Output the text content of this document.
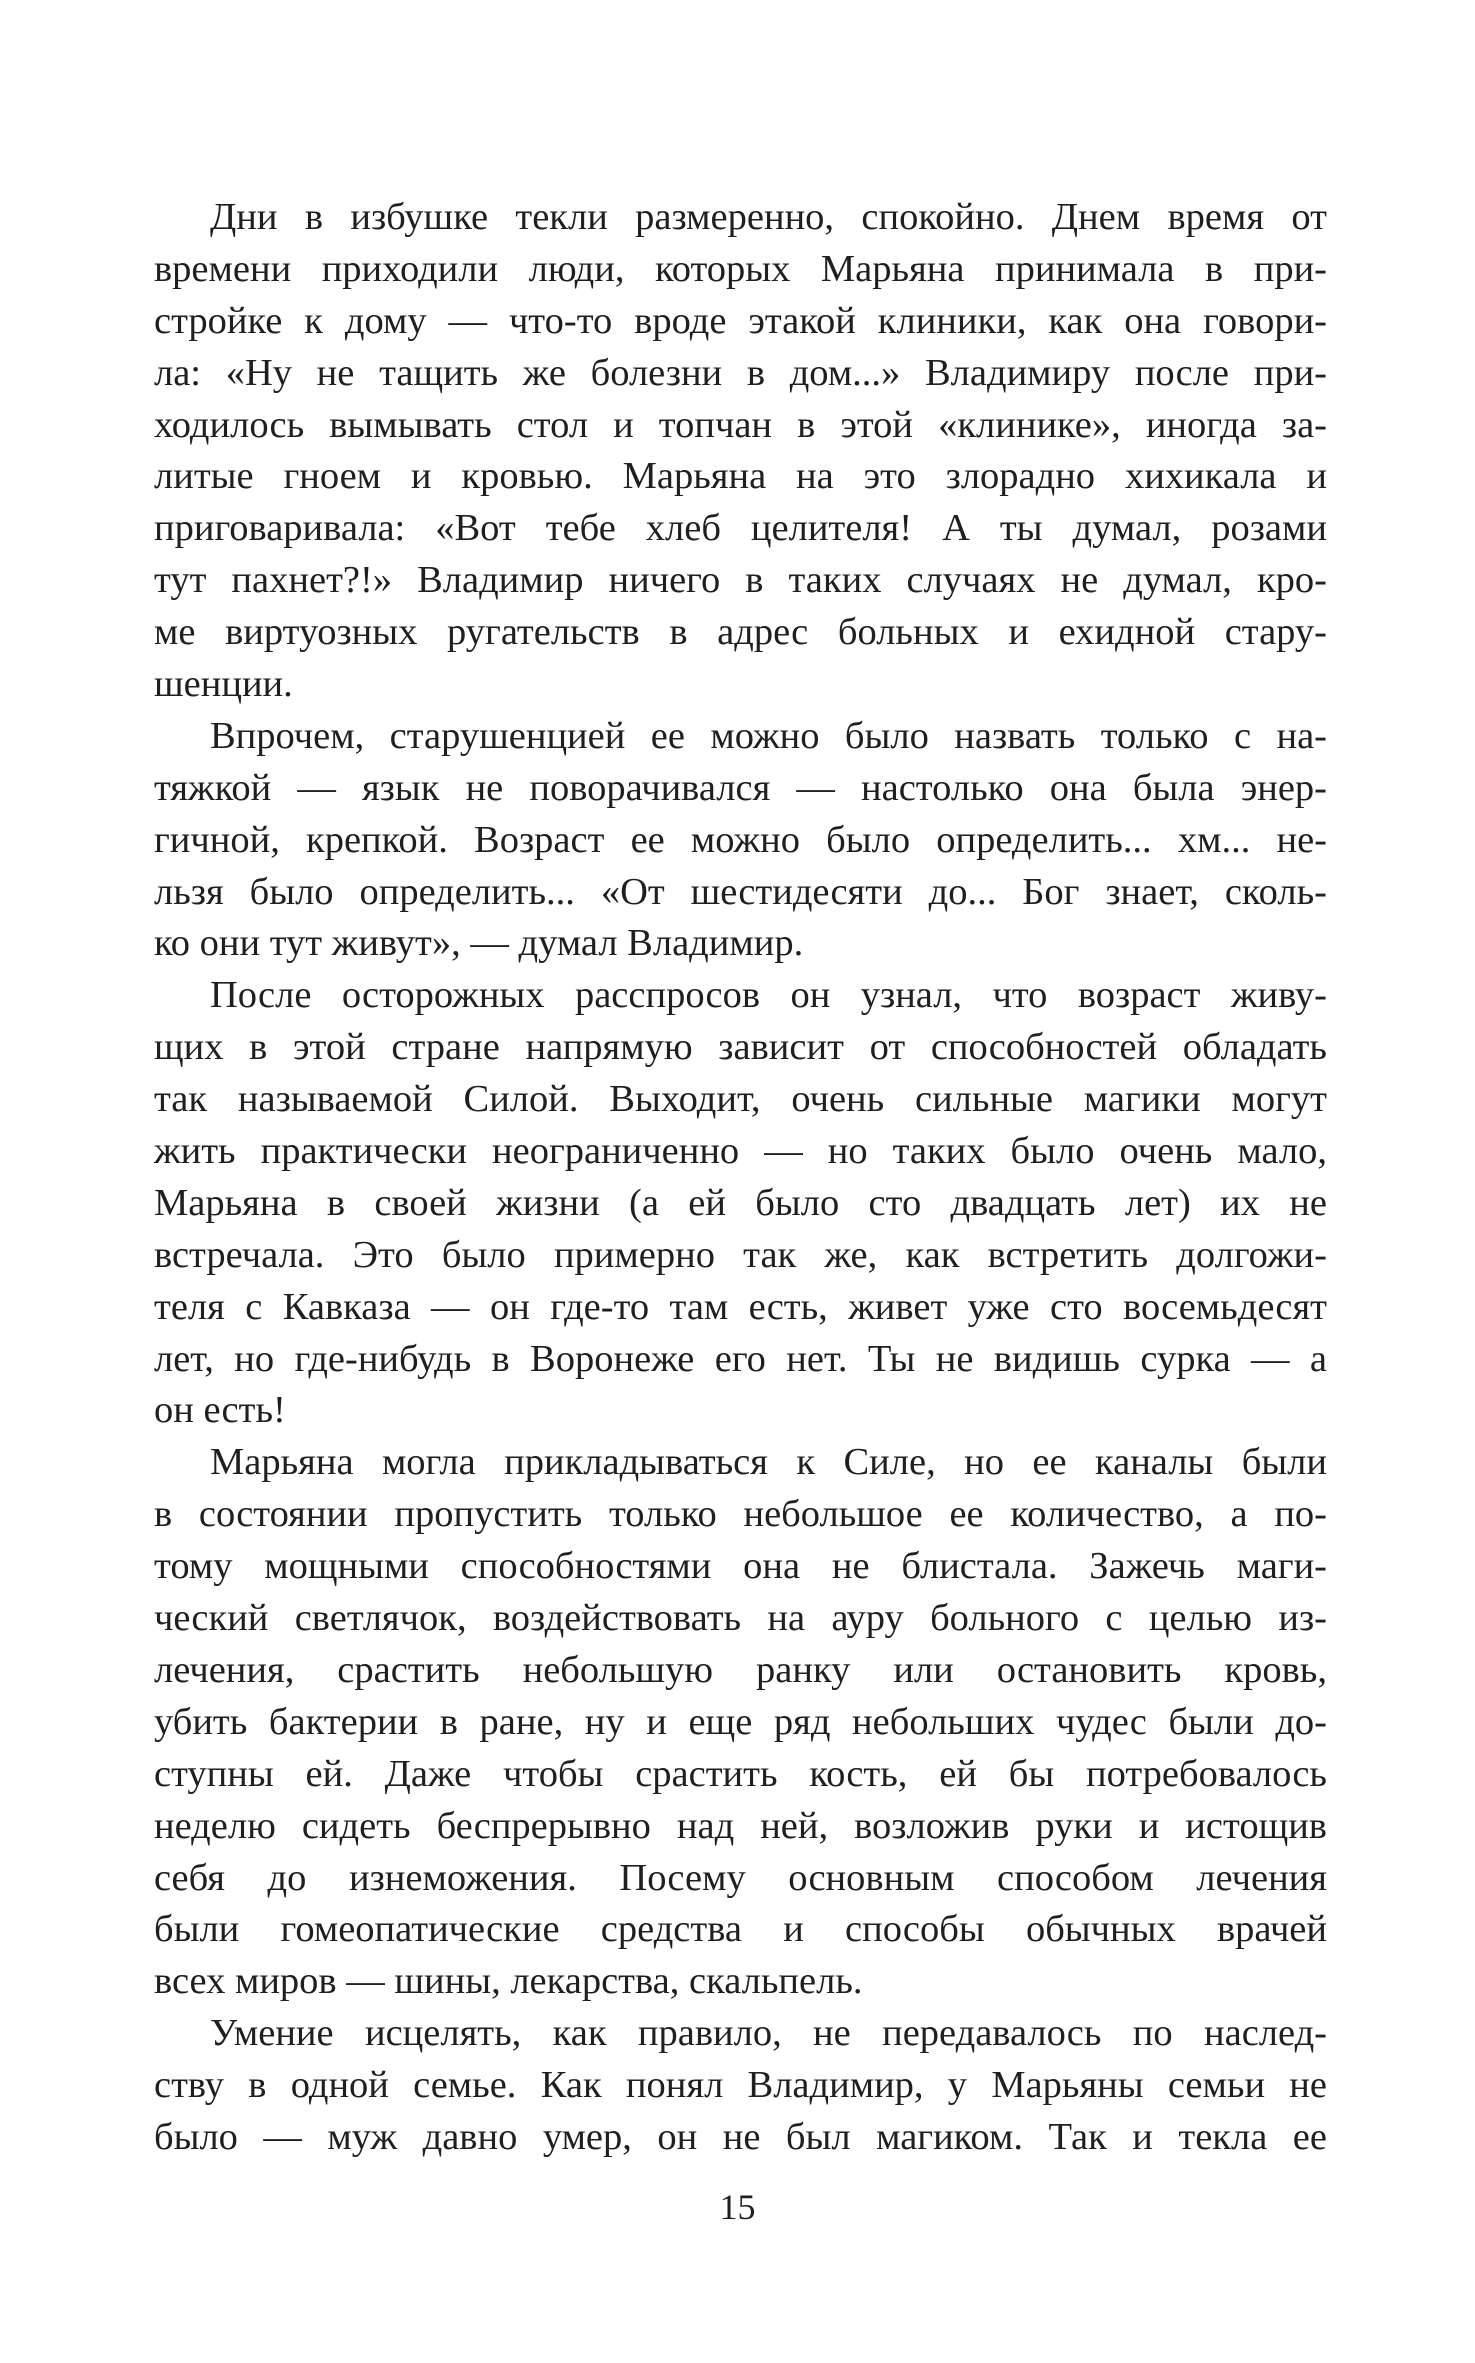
Дни в избушке текли размеренно, спокойно. Днем время от
времени приходили люди, которых Марьяна принимала в при-
стройке к дому — что-то вроде этакой клиники, как она говори-
ла: «Ну не тащить же болезни в дом...» Владимиру после при-
ходилось вымывать стол и топчан в этой «клинике», иногда за-
литые гноем и кровью. Марьяна на это злорадно хихикала и
приговаривала: «Вот тебе хлеб целителя! А ты думал, розами
тут пахнет?!» Владимир ничего в таких случаях не думал, кро-
ме виртуозных ругательств в адрес больных и ехидной стару-
шенции.
Впрочем, старушенцией ее можно было назвать только с на-
тяжкой — язык не поворачивался — настолько она была энер-
гичной, крепкой. Возраст ее можно было определить... хм... не-
льзя было определить... «От шестидесяти до... Бог знает, сколь-
ко они тут живут», — думал Владимир.
После осторожных расспросов он узнал, что возраст живу-
щих в этой стране напрямую зависит от способностей обладать
так называемой Силой. Выходит, очень сильные магики могут
жить практически неограниченно — но таких было очень мало,
Марьяна в своей жизни (а ей было сто двадцать лет) их не
встречала. Это было примерно так же, как встретить долгожи-
теля с Кавказа — он где-то там есть, живет уже сто восемьдесят
лет, но где-нибудь в Воронеже его нет. Ты не видишь сурка — а
он есть!
Марьяна могла прикладываться к Силе, но ее каналы были
в состоянии пропустить только небольшое ее количество, а по-
тому мощными способностями она не блистала. Зажечь маги-
ческий светлячок, воздействовать на ауру больного с целью из-
лечения, срастить небольшую ранку или остановить кровь,
убить бактерии в ране, ну и еще ряд небольших чудес были до-
ступны ей. Даже чтобы срастить кость, ей бы потребовалось
неделю сидеть беспрерывно над ней, возложив руки и истощив
себя до изнеможения. Посему основным способом лечения
были гомеопатические средства и способы обычных врачей
всех миров — шины, лекарства, скальпель.
Умение исцелять, как правило, не передавалось по наслед-
ству в одной семье. Как понял Владимир, у Марьяны семьи не
было — муж давно умер, он не был магиком. Так и текла ее
15
